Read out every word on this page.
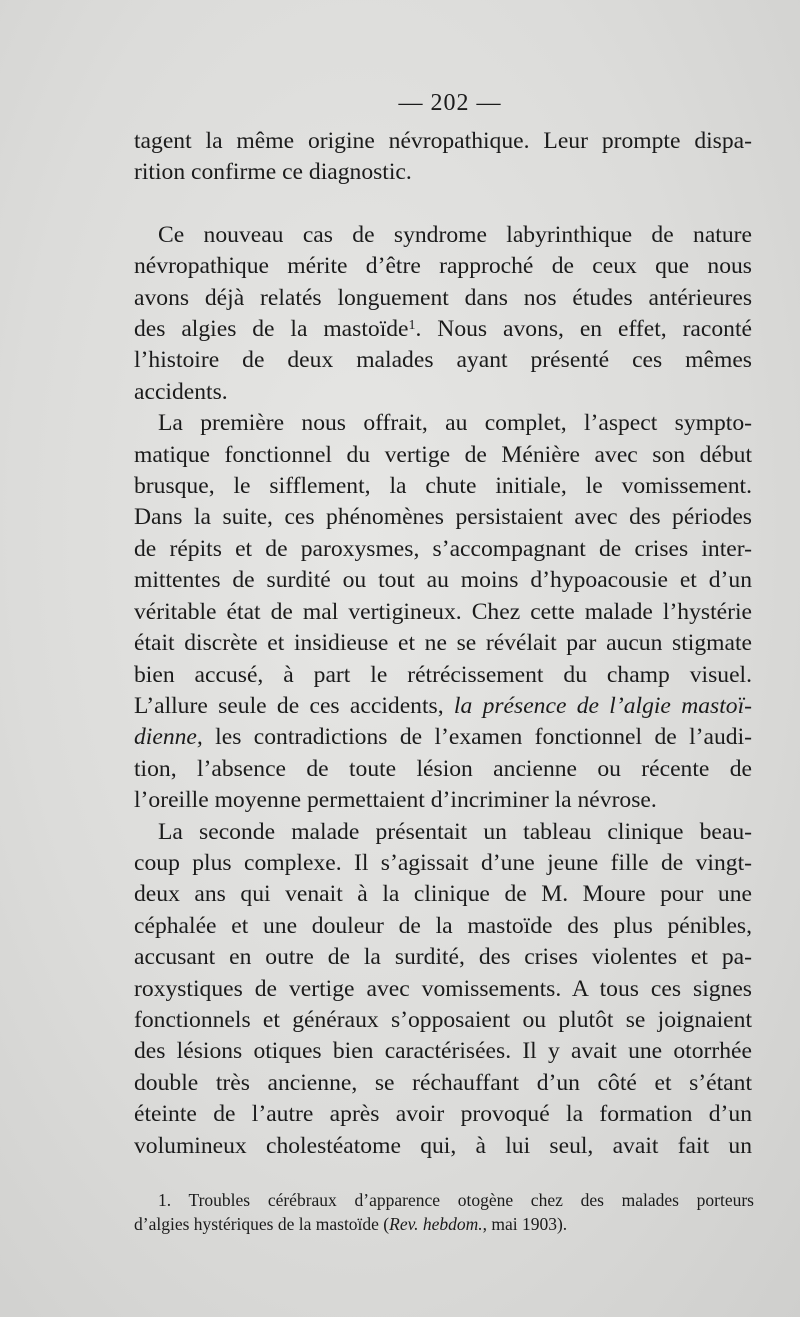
— 202 —

tagent la même origine névropathique. Leur prompte dispa-

rition confirme ce diagnostic.

Ce nouveau cas de syndrome labyrinthique de nature

névropathique mérite d’être rapproché de ceux que nous

avons déjà relatés longuement dans nos études antérieures

des algies de la mastoïde$^1$. Nous avons, en effet, raconté

l’histoire de deux malades ayant présenté ces mêmes

accidents.

La première nous offrait, au complet, l’aspect sympto-

matique fonctionnel du vertige de Ménière avec son début

brusque, le sifflement, la chute initiale, le vomissement.

Dans la suite, ces phénomènes persistaient avec des périodes

de répits et de paroxysmes, s’accompagnant de crises inter-

mittentes de surdité ou tout au moins d’hypoacousie et d’un

véritable état de mal vertigineux. Chez cette malade l’hystérie

était discrète et insidieuse et ne se révélait par aucun stigmate

bien accusé, à part le rétrécissement du champ visuel.

L’allure seule de ces accidents, la présence de l’algie mastoï-

dienne, les contradictions de l’examen fonctionnel de l’audi-

tion, l’absence de toute lésion ancienne ou récente de

l’oreille moyenne permettaient d’incriminer la névrose.

La seconde malade présentait un tableau clinique beau-

coup plus complexe. Il s’agissait d’une jeune fille de vingt-

deux ans qui venait à la clinique de M. Moure pour une

céphalée et une douleur de la mastoïde des plus pénibles,

accusant en outre de la surdité, des crises violentes et pa-

roxystiques de vertige avec vomissements. A tous ces signes

fonctionnels et généraux s’opposaient ou plutôt se joignaient

des lésions otiques bien caractérisées. Il y avait une otorrhée

double très ancienne, se réchauffant d’un côté et s’étant

éteinte de l’autre après avoir provoqué la formation d’un

volumineux cholestéatome qui, à lui seul, avait fait un

1. Troubles cérébraux d’apparence otogène chez des malades porteurs

d’algies hystériques de la mastoïde (Rev. hebdom., mai 1903).
